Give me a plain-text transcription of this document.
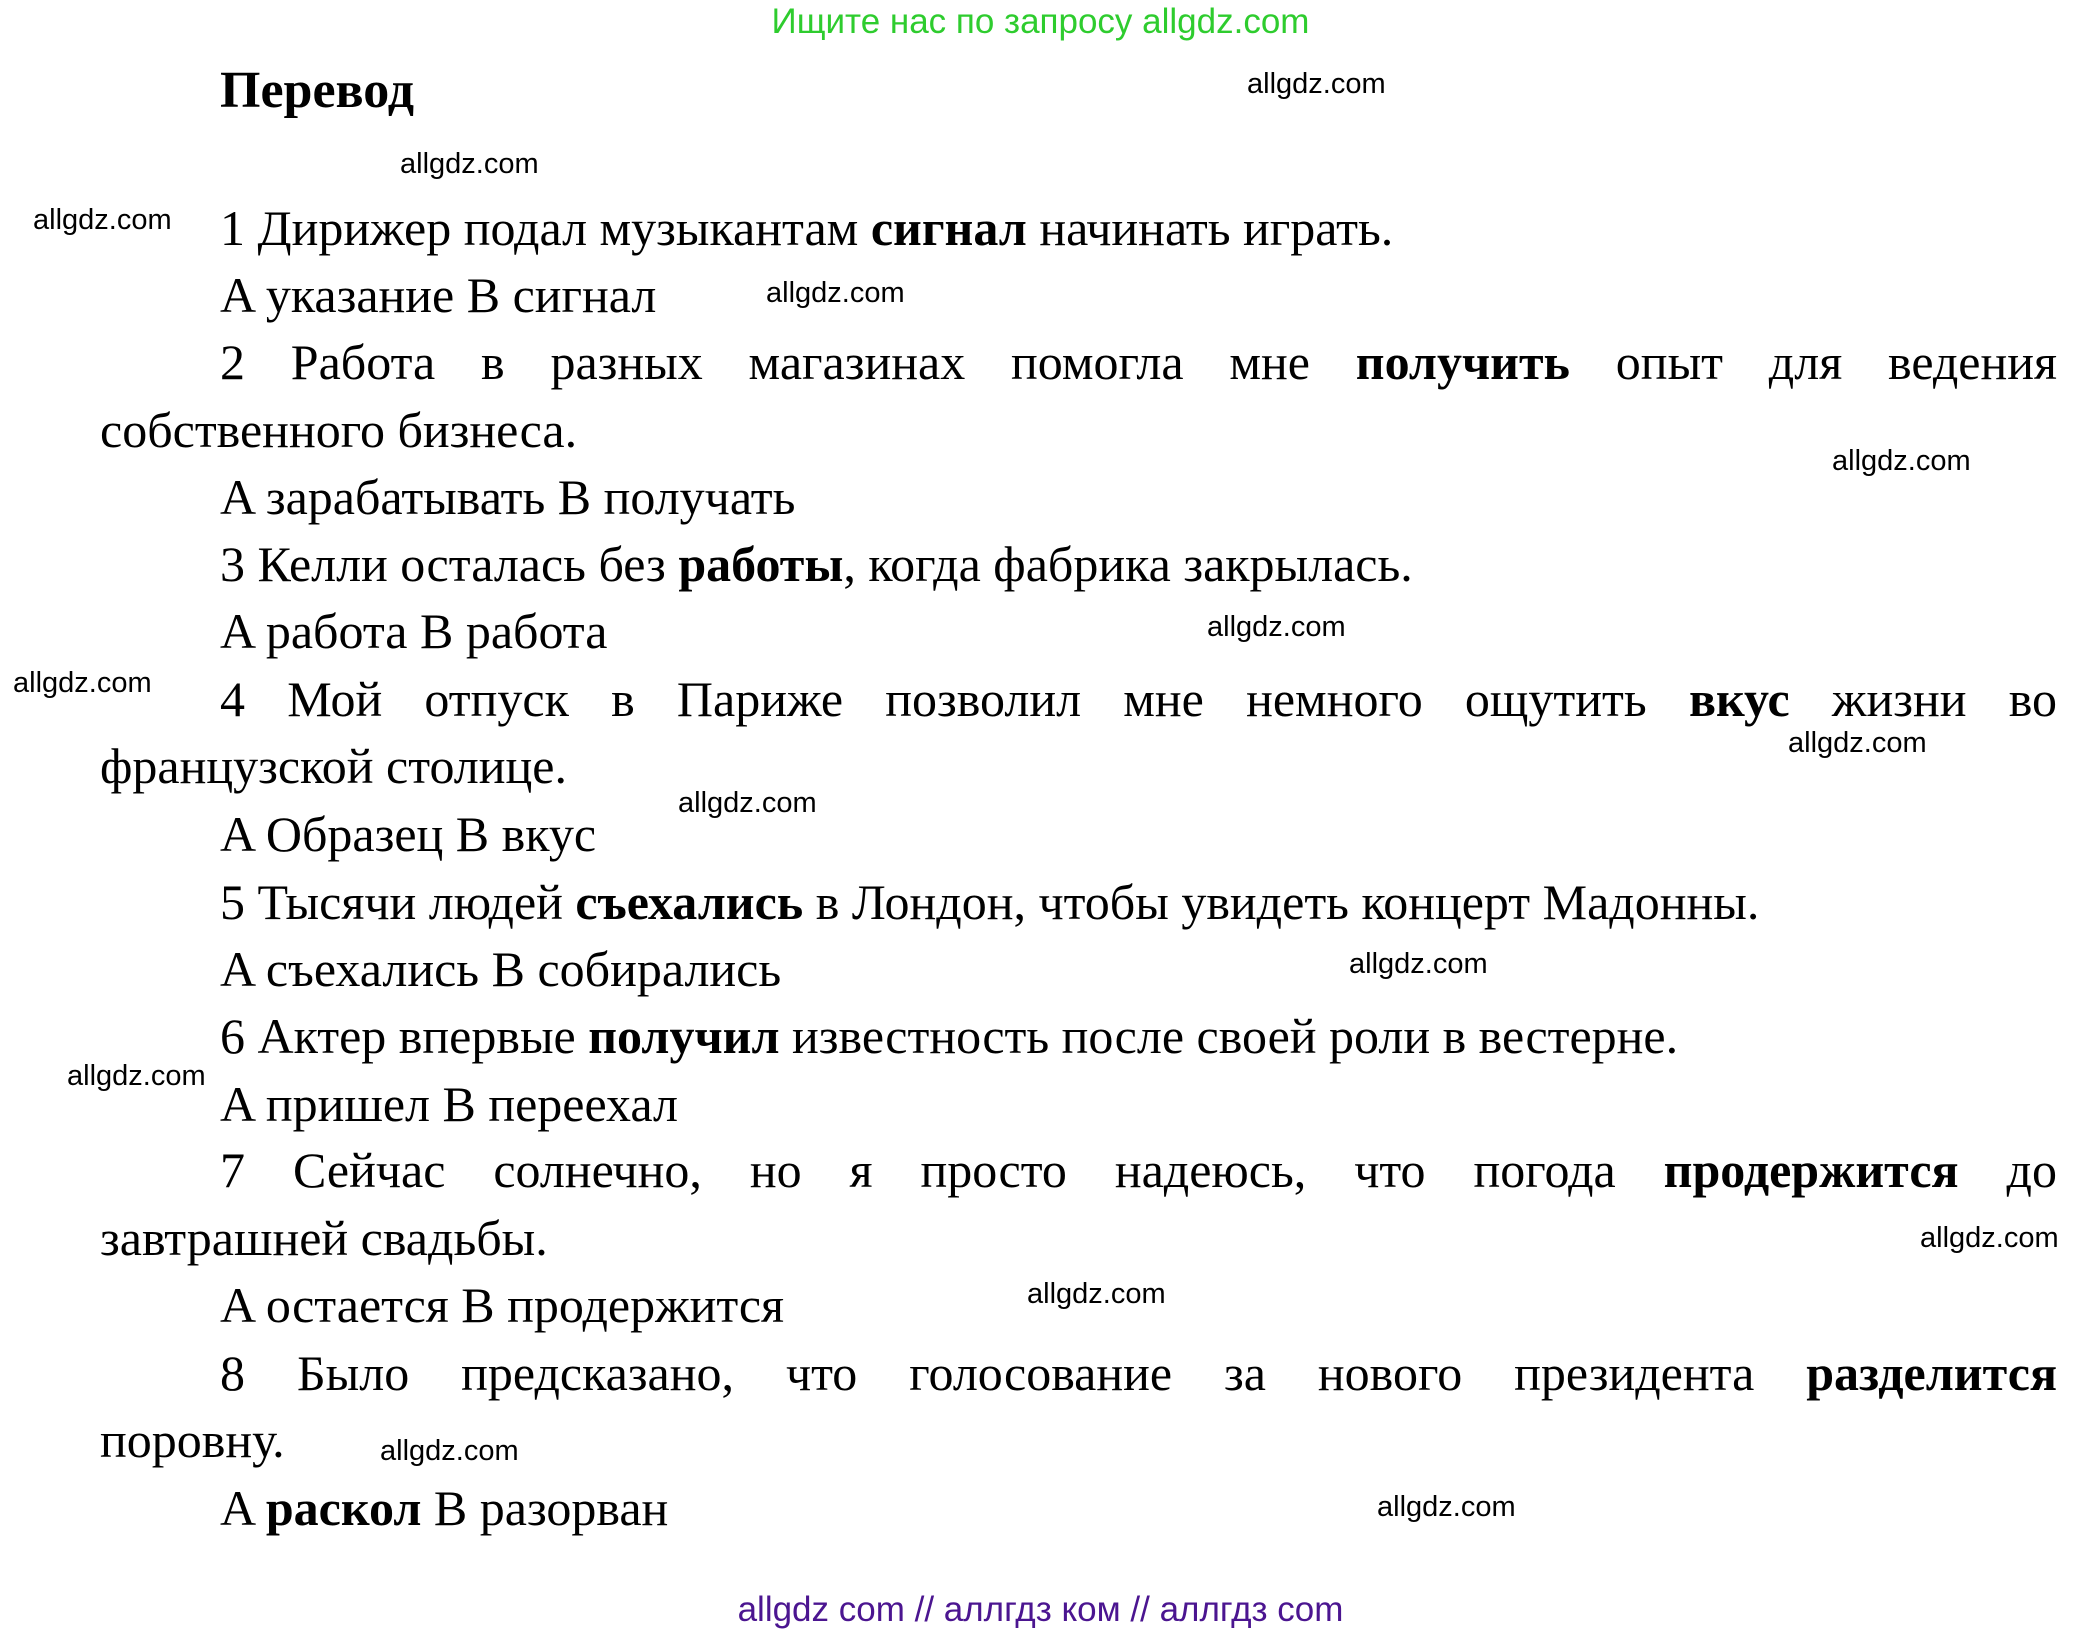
Ищите нас по запросу allgdz.com
Перевод
1 Дирижер подал музыкантам сигнал начинать играть.
A указание B сигнал
2 Работа в разных магазинах помогла мне получить опыт для ведения
собственного бизнеса.
A зарабатывать B получать
3 Келли осталась без работы, когда фабрика закрылась.
A работа B работа
4 Мой отпуск в Париже позволил мне немного ощутить вкус жизни во
французской столице.
A Образец B вкус
5 Тысячи людей съехались в Лондон, чтобы увидеть концерт Мадонны.
A съехались B собирались
6 Актер впервые получил известность после своей роли в вестерне.
A пришел B переехал
7 Сейчас солнечно, но я просто надеюсь, что погода продержится до
завтрашней свадьбы.
A остается B продержится
8 Было предсказано, что голосование за нового президента разделится
поровну.
A раскол B разорван
allgdz.com
allgdz.com
allgdz.com
allgdz.com
allgdz.com
allgdz.com
allgdz.com
allgdz.com
allgdz.com
allgdz.com
allgdz.com
allgdz.com
allgdz.com
allgdz.com
allgdz.com
allgdz com // аллгдз ком // аллгдз com
